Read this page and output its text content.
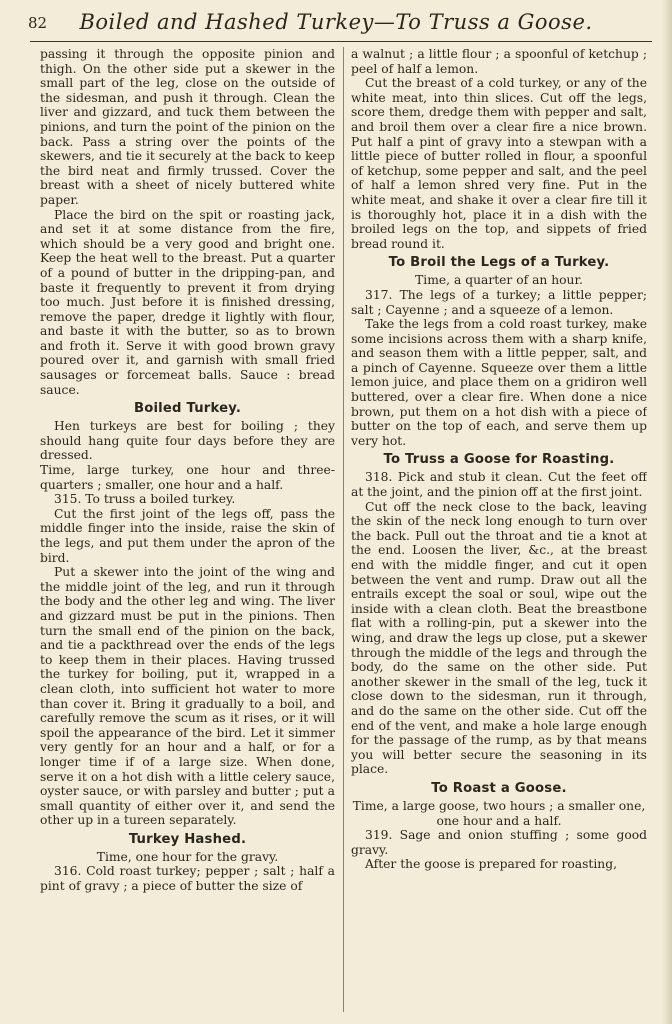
82	Boiled and Hashed Turkey—To Truss a Goose.

passing it through the opposite pinion and thigh. On the other side put a skewer in the small part of the leg, close on the outside of the sidesman, and push it through. Clean the liver and gizzard, and tuck them between the pinions, and turn the point of the pinion on the back. Pass a string over the points of the skewers, and tie it securely at the back to keep the bird neat and firmly trussed. Cover the breast with a sheet of nicely buttered white paper.

Place the bird on the spit or roasting jack, and set it at some distance from the fire, which should be a very good and bright one. Keep the heat well to the breast. Put a quarter of a pound of butter in the dripping-pan, and baste it frequently to prevent it from drying too much. Just before it is finished dressing, remove the paper, dredge it lightly with flour, and baste it with the butter, so as to brown and froth it. Serve it with good brown gravy poured over it, and garnish with small fried sausages or forcemeat balls. Sauce : bread sauce.

Boiled Turkey.

Hen turkeys are best for boiling ; they should hang quite four days before they are dressed.

Time, large turkey, one hour and three-quarters ; smaller, one hour and a half.

315. To truss a boiled turkey.

Cut the first joint of the legs off, pass the middle finger into the inside, raise the skin of the legs, and put them under the apron of the bird.

Put a skewer into the joint of the wing and the middle joint of the leg, and run it through the body and the other leg and wing. The liver and gizzard must be put in the pinions. Then turn the small end of the pinion on the back, and tie a packthread over the ends of the legs to keep them in their places. Having trussed the turkey for boiling, put it, wrapped in a clean cloth, into sufficient hot water to more than cover it. Bring it gradually to a boil, and carefully remove the scum as it rises, or it will spoil the appearance of the bird. Let it simmer very gently for an hour and a half, or for a longer time if of a large size. When done, serve it on a hot dish with a little celery sauce, oyster sauce, or with parsley and butter ; put a small quantity of either over it, and send the other up in a tureen separately.

Turkey Hashed.

Time, one hour for the gravy.

316. Cold roast turkey; pepper ; salt ; half a pint of gravy ; a piece of butter the size of

a walnut ; a little flour ; a spoonful of ketchup ; peel of half a lemon.

Cut the breast of a cold turkey, or any of the white meat, into thin slices. Cut off the legs, score them, dredge them with pepper and salt, and broil them over a clear fire a nice brown. Put half a pint of gravy into a stewpan with a little piece of butter rolled in flour, a spoonful of ketchup, some pepper and salt, and the peel of half a lemon shred very fine. Put in the white meat, and shake it over a clear fire till it is thoroughly hot, place it in a dish with the broiled legs on the top, and sippets of fried bread round it.

To Broil the Legs of a Turkey.

Time, a quarter of an hour.

317. The legs of a turkey; a little pepper; salt ; Cayenne ; and a squeeze of a lemon.

Take the legs from a cold roast turkey, make some incisions across them with a sharp knife, and season them with a little pepper, salt, and a pinch of Cayenne. Squeeze over them a little lemon juice, and place them on a gridiron well buttered, over a clear fire. When done a nice brown, put them on a hot dish with a piece of butter on the top of each, and serve them up very hot.

To Truss a Goose for Roasting.

318. Pick and stub it clean. Cut the feet off at the joint, and the pinion off at the first joint.

Cut off the neck close to the back, leaving the skin of the neck long enough to turn over the back. Pull out the throat and tie a knot at the end. Loosen the liver, &c., at the breast end with the middle finger, and cut it open between the vent and rump. Draw out all the entrails except the soal or soul, wipe out the inside with a clean cloth. Beat the breastbone flat with a rolling-pin, put a skewer into the wing, and draw the legs up close, put a skewer through the middle of the legs and through the body, do the same on the other side. Put another skewer in the small of the leg, tuck it close down to the sidesman, run it through, and do the same on the other side. Cut off the end of the vent, and make a hole large enough for the passage of the rump, as by that means you will better secure the seasoning in its place.

To Roast a Goose.

Time, a large goose, two hours ; a smaller one, one hour and a half.

319. Sage and onion stuffing ; some good gravy.

After the goose is prepared for roasting,
